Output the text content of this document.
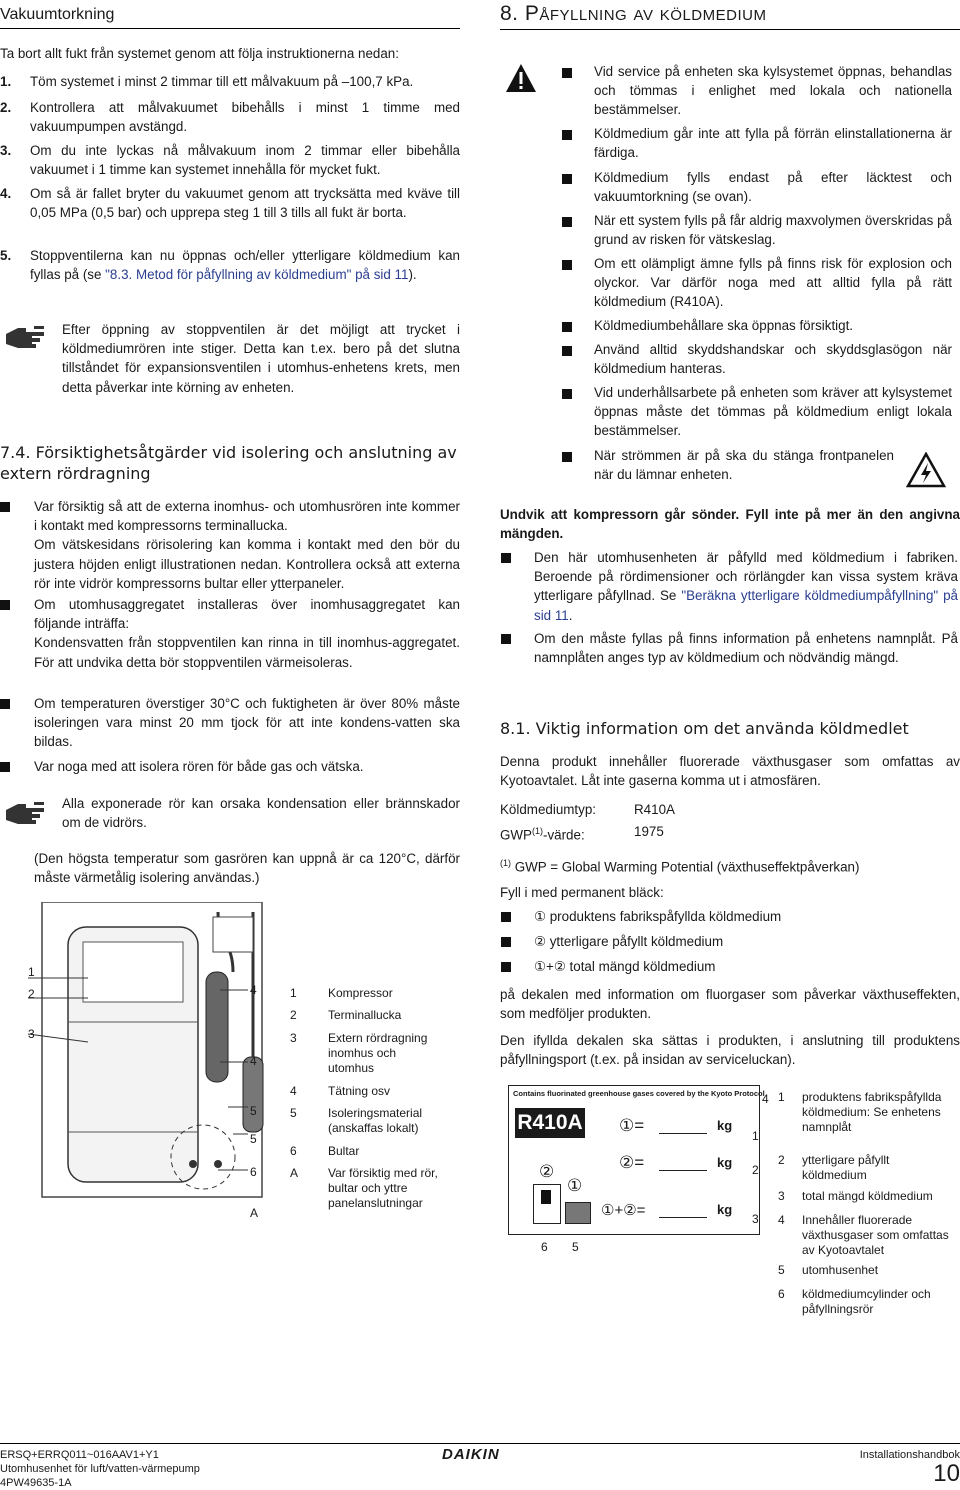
Vakuumtorkning

Ta bort allt fukt från systemet genom att följa instruktionerna nedan:

1. Töm systemet i minst 2 timmar till ett målvakuum på –100,7 kPa.
2. Kontrollera att målvakuumet bibehålls i minst 1 timme med vakuumpumpen avstängd.
3. Om du inte lyckas nå målvakuum inom 2 timmar eller bibehålla vakuumet i 1 timme kan systemet innehålla för mycket fukt.
4. Om så är fallet bryter du vakuumet genom att trycksätta med kväve till 0,05 MPa (0,5 bar) och upprepa steg 1 till 3 tills all fukt är borta.
5. Stoppventilerna kan nu öppnas och/eller ytterligare köldmedium kan fyllas på (se "8.3. Metod för påfyllning av köldmedium" på sid 11).

Efter öppning av stoppventilen är det möjligt att trycket i köldmediumrören inte stiger. Detta kan t.ex. bero på det slutna tillståndet för expansionsventilen i utomhus-enhetens krets, men detta påverkar inte körning av enheten.

7.4. Försiktighetsåtgärder vid isolering och anslutning av extern rördragning
Var försiktig så att de externa inomhus- och utomhusrören inte kommer i kontakt med kompressorns terminallucka.
Om vätskesidans rörisolering kan komma i kontakt med den bör du justera höjden enligt illustrationen nedan. Kontrollera också att externa rör inte vidrör kompressorns bultar eller ytterpaneler.
Om utomhusaggregatet installeras över inomhusaggregatet kan följande inträffa:
Kondensvatten från stoppventilen kan rinna in till inomhus-aggregatet. För att undvika detta bör stoppventilen värmeisoleras.
Om temperaturen överstiger 30°C och fuktigheten är över 80% måste isoleringen vara minst 20 mm tjock för att inte kondens-vatten ska bildas.
Var noga med att isolera rören för både gas och vätska.

Alla exponerade rör kan orsaka kondensation eller brännskador om de vidrörs.

(Den högsta temperatur som gasrören kan uppnå är ca 120°C, därför måste värmetålig isolering användas.)

1
2
3
4
4
5
5
6
A
1	Kompressor
2	Terminallucka
3	Extern rördragning inomhus och utomhus
4	Tätning osv
5	Isoleringsmaterial (anskaffas lokalt)
6	Bultar
A Var försiktig med rör, bultar och yttre panelanslutningar
8. Påfyllning av köldmedium
Vid service på enheten ska kylsystemet öppnas, behandlas och tömmas i enlighet med lokala och nationella bestämmelser.
Köldmedium går inte att fylla på förrän elinstallationerna är färdiga.
Köldmedium fylls endast på efter läcktest och vakuumtorkning (se ovan).
När ett system fylls på får aldrig maxvolymen överskridas på grund av risken för vätskeslag.
Om ett olämpligt ämne fylls på finns risk för explosion och olyckor. Var därför noga med att alltid fylla på rätt köldmedium (R410A).
Köldmediumbehållare ska öppnas försiktigt.
Använd alltid skyddshandskar och skyddsglasögon när köldmedium hanteras.
Vid underhållsarbete på enheten som kräver att kylsystemet öppnas måste det tömmas på köldmedium enligt lokala bestämmelser.
När strömmen är på ska du stänga frontpanelen när du lämnar enheten.
Undvik att kompressorn går sönder. Fyll inte på mer än den angivna mängden.
Den här utomhusenheten är påfylld med köldmedium i fabriken. Beroende på rördimensioner och rörlängder kan vissa system kräva ytterligare påfyllnad. Se "Beräkna ytterligare köldmediumpåfyllning" på sid 11.
Om den måste fyllas på finns information på enhetens namnplåt. På namnplåten anges typ av köldmedium och nödvändig mängd.
8.1. Viktig information om det använda köldmedlet

Denna produkt innehåller fluorerade växthusgaser som omfattas av Kyotoavtalet. Låt inte gaserna komma ut i atmosfären.

Köldmediumtyp:	R410A
GWP$^{(1)}$-värde:	1975
$^{(1)}$ GWP = Global Warming Potential (växthuseffektpåverkan)
Fyll i med permanent bläck:
① produktens fabrikspåfyllda köldmedium
② ytterligare påfyllt köldmedium
①+② total mängd köldmedium

på dekalen med information om fluorgaser som påverkar växthuseffekten, som medföljer produkten.

Den ifyllda dekalen ska sättas i produkten, i anslutning till produktens påfyllningsport (t.ex. på insidan av serviceluckan).

Contains fluorinated greenhouse gases covered by the Kyoto Protocol
R410A ①=	kg
②=	kg
①+②=	kg
②
①
4
1
2
3
6 5
1 produktens fabrikspåfyllda köldmedium: Se enhetens namnplåt
2 ytterligare påfyllt köldmedium
3 total mängd köldmedium
4 Innehåller fluorerade växthusgaser som omfattas av Kyotoavtalet
5 utomhusenhet
6 köldmediumcylinder och påfyllningsrör
ERSQ+ERRQ011~016AAV1+Y1
Utomhusenhet för luft/vatten-värmepump
4PW49635-1A
DAIKIN	Installationshandbok
10
